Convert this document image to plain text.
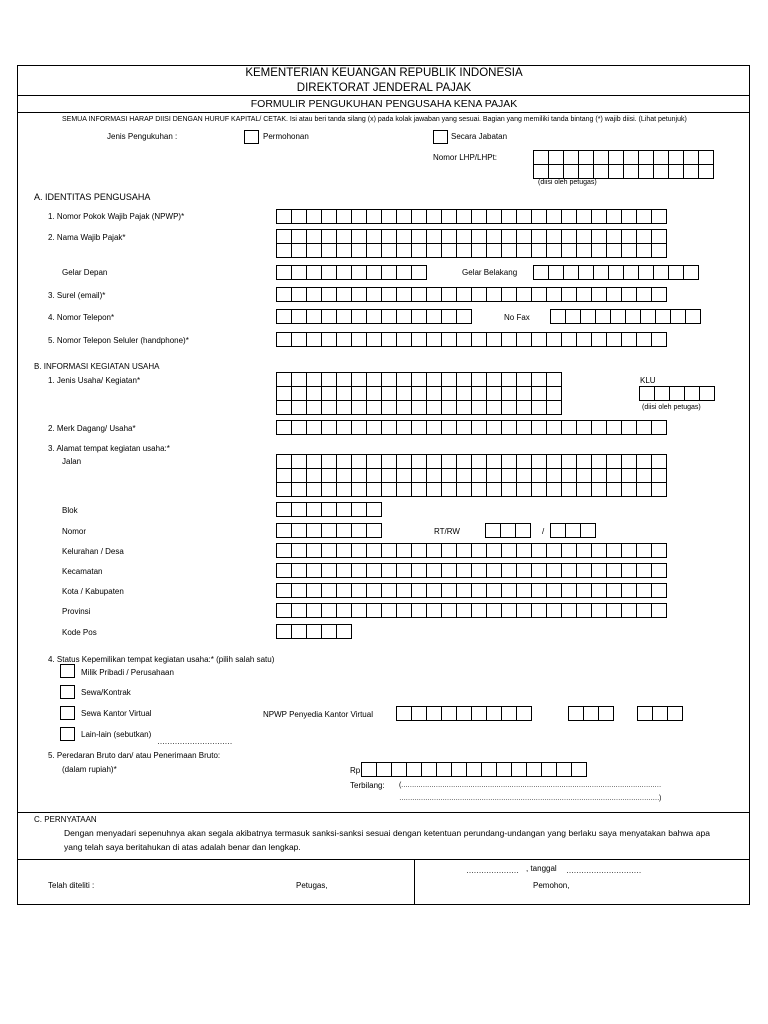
KEMENTERIAN KEUANGAN REPUBLIK INDONESIA
DIREKTORAT JENDERAL PAJAK
FORMULIR PENGUKUHAN PENGUSAHA KENA PAJAK
SEMUA INFORMASI HARAP DIISI DENGAN HURUF KAPITAL/ CETAK. Isi atau beri tanda silang (x) pada kolak jawaban yang sesuai. Bagian yang memiliki tanda bintang (*) wajib diisi. (Lihat petunjuk)
Jenis Pengukuhan :	Permohonan	Secara Jabatan
Nomor LHP/LHPt:
(diisi oleh petugas)
A. IDENTITAS PENGUSAHA
1. Nomor Pokok Wajib Pajak (NPWP)*
2. Nama Wajib Pajak*
Gelar Depan	Gelar Belakang
3. Surel (email)*
4. Nomor Telepon*	No Fax
5. Nomor Telepon Seluler (handphone)*
B. INFORMASI KEGIATAN USAHA
1. Jenis Usaha/ Kegiatan*	KLU
(diisi oleh petugas)
2. Merk Dagang/ Usaha*
3. Alamat tempat kegiatan usaha:*
Jalan
Blok
Nomor	RT/RW	/
Kelurahan / Desa
Kecamatan
Kota / Kabupaten
Provinsi
Kode Pos
4. Status Kepemilikan tempat kegiatan usaha:* (pilih salah satu)
Milik Pribadi / Perusahaan
Sewa/Kontrak
Sewa Kantor Virtual	NPWP Penyedia Kantor Virtual
Lain-lain (sebutkan)
…………………………
5. Peredaran Bruto dan/ atau Penerimaan Bruto:
(dalam rupiah)*	Rp
Terbilang: (…………………………………………………………………………………………………………
…………………………………………………………………………………………………………)
C. PERNYATAAN
Dengan menyadari sepenuhnya akan segala akibatnya termasuk sanksi-sanksi sesuai dengan ketentuan perundang-undangan yang berlaku saya menyatakan bahwa apa yang telah saya beritahukan di atas adalah benar dan lengkap.
………………… , tanggal …………………………
Telah diteliti :	Petugas,	Pemohon,
